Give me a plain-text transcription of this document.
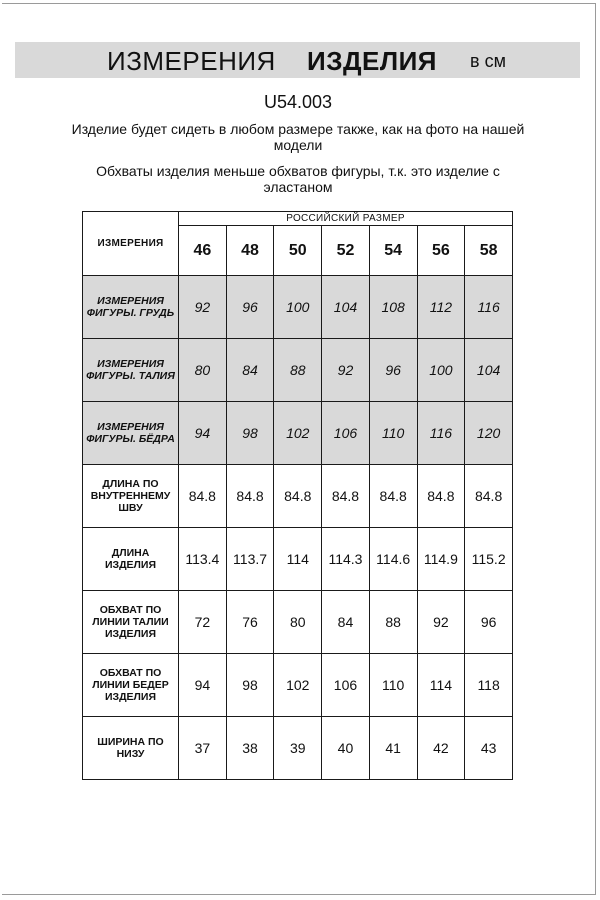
ИЗМЕРЕНИЯ ИЗДЕЛИЯ в см
U54.003
Изделие будет сидеть в любом размере также, как на фото на нашей модели
Обхваты изделия меньше обхватов фигуры, т.к. это изделие с эластаном
ИЗМЕРЕНИЯ	РОССИЙСКИЙ РАЗМЕР						
	46	48	50	52	54	56	58
ИЗМЕРЕНИЯ ФИГУРЫ. ГРУДЬ	92	96	100	104	108	112	116
ИЗМЕРЕНИЯ ФИГУРЫ. ТАЛИЯ	80	84	88	92	96	100	104
ИЗМЕРЕНИЯ ФИГУРЫ. БЁДРА	94	98	102	106	110	116	120
ДЛИНА ПО ВНУТРЕННЕМУ ШВУ	84.8	84.8	84.8	84.8	84.8	84.8	84.8
ДЛИНА ИЗДЕЛИЯ	113.4	113.7	114	114.3	114.6	114.9	115.2
ОБХВАТ ПО ЛИНИИ ТАЛИИ ИЗДЕЛИЯ	72	76	80	84	88	92	96
ОБХВАТ ПО ЛИНИИ БЕДЕР ИЗДЕЛИЯ	94	98	102	106	110	114	118
ШИРИНА ПО НИЗУ	37	38	39	40	41	42	43
